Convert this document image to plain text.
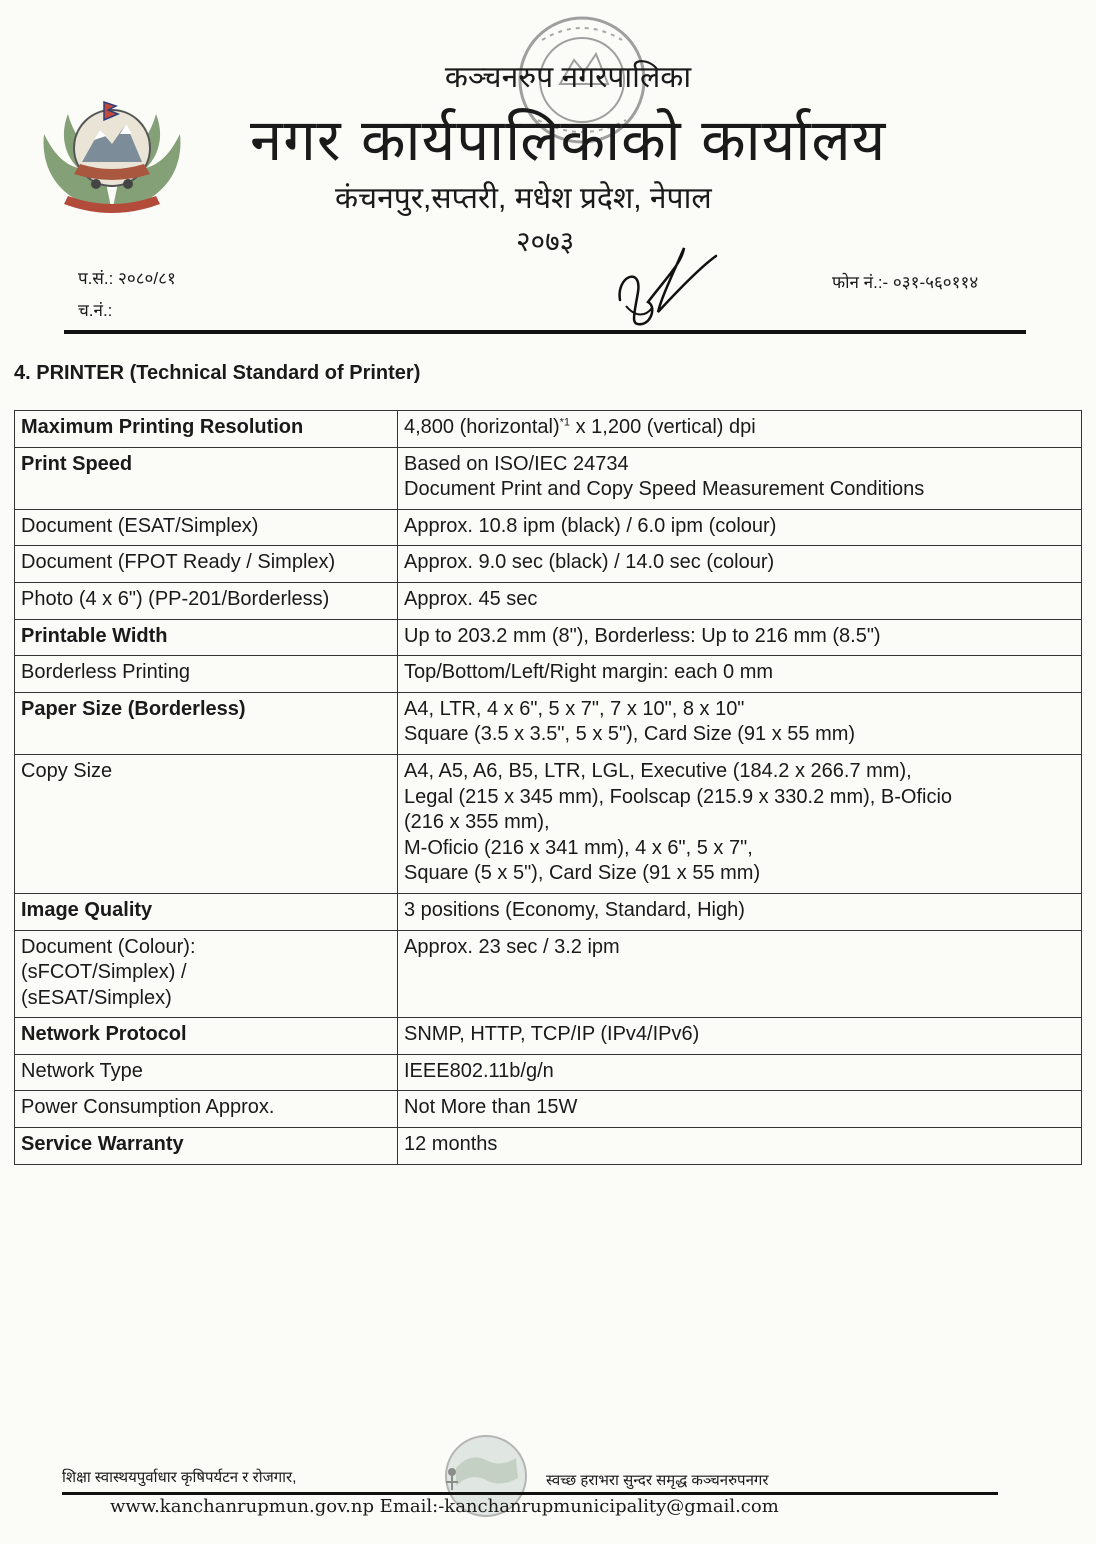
कञ्चनरुप नगरपालिका
नगर कार्यपालिकाको कार्यालय
कंचनपुर,सप्तरी, मधेश प्रदेश, नेपाल
२०७३
प.सं.: २०८०/८१
च.नं.:
फोन नं.:- ०३१-५६०११४
4. PRINTER (Technical Standard of Printer)
Maximum Printing Resolution	4,800 (horizontal)$^{*1}$ x 1,200 (vertical) dpi
Print Speed	Based on ISO/IEC 24734
Document Print and Copy Speed Measurement Conditions
Document (ESAT/Simplex)	Approx. 10.8 ipm (black) / 6.0 ipm (colour)
Document (FPOT Ready / Simplex)	Approx. 9.0 sec (black) / 14.0 sec (colour)
Photo (4 x 6") (PP-201/Borderless)	Approx. 45 sec
Printable Width	Up to 203.2 mm (8"), Borderless: Up to 216 mm (8.5")
Borderless Printing	Top/Bottom/Left/Right margin: each 0 mm
Paper Size (Borderless)	A4, LTR, 4 x 6", 5 x 7", 7 x 10", 8 x 10"
Square (3.5 x 3.5", 5 x 5"), Card Size (91 x 55 mm)
Copy Size	A4, A5, A6, B5, LTR, LGL, Executive (184.2 x 266.7 mm),
Legal (215 x 345 mm), Foolscap (215.9 x 330.2 mm), B-Oficio
(216 x 355 mm),
M-Oficio (216 x 341 mm), 4 x 6", 5 x 7",
Square (5 x 5"), Card Size (91 x 55 mm)
Image Quality	3 positions (Economy, Standard, High)
Document (Colour):
(sFCOT/Simplex) /
(sESAT/Simplex)	Approx. 23 sec / 3.2 ipm
Network Protocol	SNMP, HTTP, TCP/IP (IPv4/IPv6)
Network Type	IEEE802.11b/g/n
Power Consumption Approx.	Not More than 15W
Service Warranty	12 months
शिक्षा स्वास्थयपुर्वाधार कृषिपर्यटन र रोजगार,	स्वच्छ हराभरा सुन्दर समृद्ध कञ्चनरुपनगर
www.kanchanrupmun.gov.np Email:-kanchanrupmunicipality@gmail.com
